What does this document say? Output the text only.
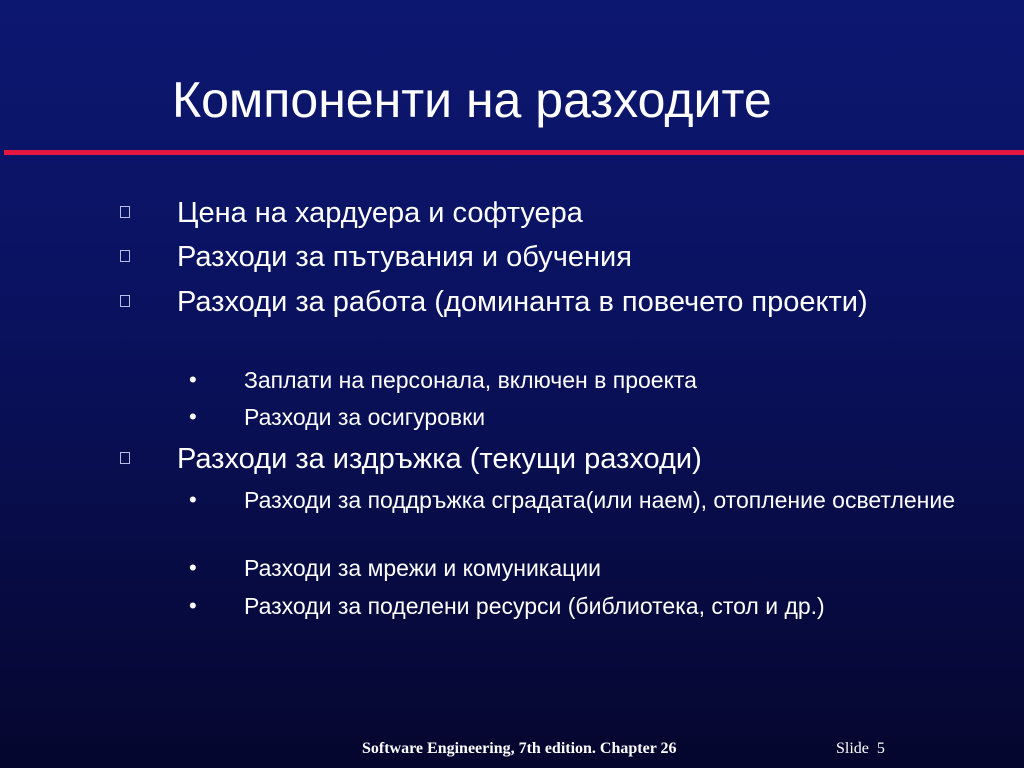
Компоненти на разходите
Цена на хардуера и софтуера
Разходи за пътувания и обучения
Разходи за работа (доминанта в повечето проекти)
• Заплати на персонала, включен в проекта
• Разходи за осигуровки
Разходи за издръжка (текущи разходи)
• Разходи за поддръжка сградата(или наем), отопление осветление
• Разходи за мрежи и комуникации
• Разходи за поделени ресурси (библиотека, стол и др.)
Software Engineering, 7th edition. Chapter 26	Slide 5
